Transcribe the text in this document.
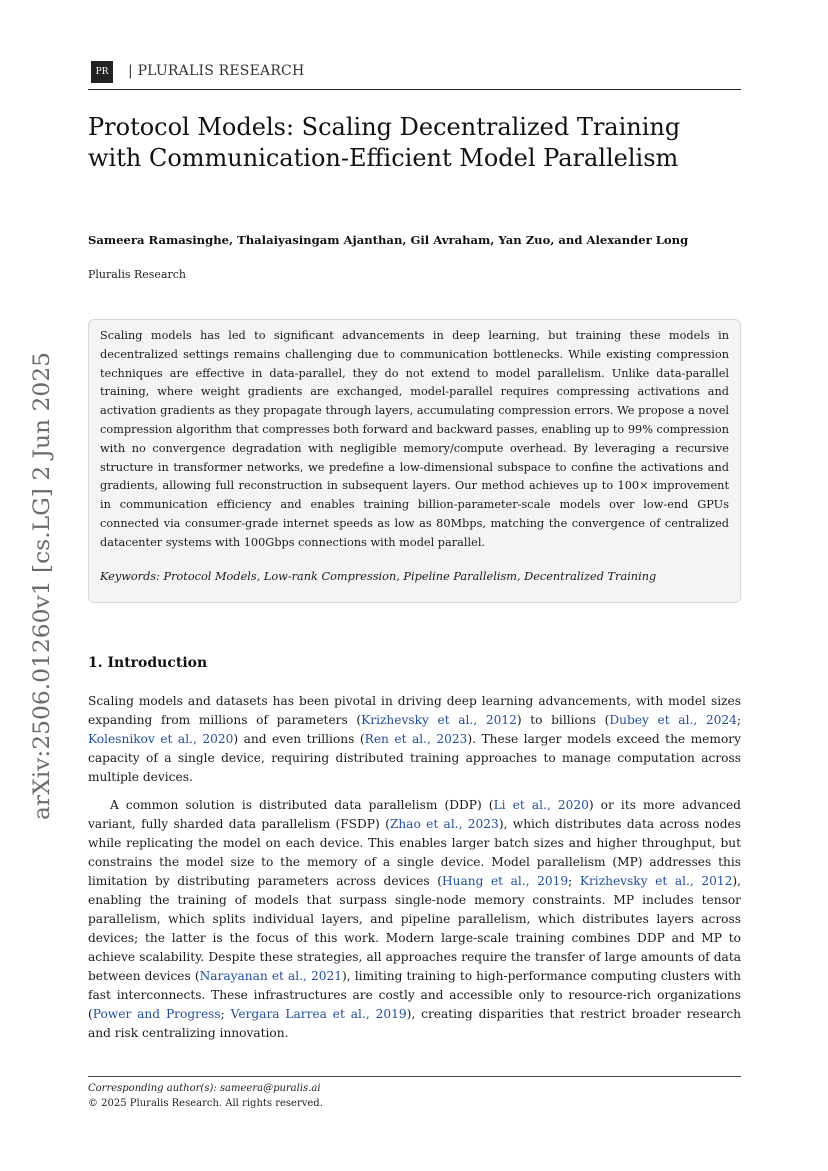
arXiv:2506.01260v1 [cs.LG] 2 Jun 2025
PR	| PLURALIS RESEARCH
Protocol Models: Scaling Decentralized Training with Communication-Efficient Model Parallelism
Sameera Ramasinghe, Thalaiyasingam Ajanthan, Gil Avraham, Yan Zuo, and Alexander Long
Pluralis Research

Scaling models has led to significant advancements in deep learning, but training these models in decentralized settings remains challenging due to communication bottlenecks. While existing compression techniques are effective in data-parallel, they do not extend to model parallelism. Unlike data-parallel training, where weight gradients are exchanged, model-parallel requires compressing activations and activation gradients as they propagate through layers, accumulating compression errors. We propose a novel compression algorithm that compresses both forward and backward passes, enabling up to 99% compression with no convergence degradation with negligible memory/compute overhead. By leveraging a recursive structure in transformer networks, we predefine a low-dimensional subspace to confine the activations and gradients, allowing full reconstruction in subsequent layers. Our method achieves up to 100× improvement in communication efficiency and enables training billion-parameter-scale models over low-end GPUs connected via consumer-grade internet speeds as low as 80Mbps, matching the convergence of centralized datacenter systems with 100Gbps connections with model parallel.

Keywords: Protocol Models, Low-rank Compression, Pipeline Parallelism, Decentralized Training
1. Introduction

Scaling models and datasets has been pivotal in driving deep learning advancements, with model sizes expanding from millions of parameters (Krizhevsky et al., 2012) to billions (Dubey et al., 2024; Kolesnikov et al., 2020) and even trillions (Ren et al., 2023). These larger models exceed the memory capacity of a single device, requiring distributed training approaches to manage computation across multiple devices.

A common solution is distributed data parallelism (DDP) (Li et al., 2020) or its more advanced variant, fully sharded data parallelism (FSDP) (Zhao et al., 2023), which distributes data across nodes while replicating the model on each device. This enables larger batch sizes and higher throughput, but constrains the model size to the memory of a single device. Model parallelism (MP) addresses this limitation by distributing parameters across devices (Huang et al., 2019; Krizhevsky et al., 2012), enabling the training of models that surpass single-node memory constraints. MP includes tensor parallelism, which splits individual layers, and pipeline parallelism, which distributes layers across devices; the latter is the focus of this work. Modern large-scale training combines DDP and MP to achieve scalability. Despite these strategies, all approaches require the transfer of large amounts of data between devices (Narayanan et al., 2021), limiting training to high-performance computing clusters with fast interconnects. These infrastructures are costly and accessible only to resource-rich organizations (Power and Progress; Vergara Larrea et al., 2019), creating disparities that restrict broader research and risk centralizing innovation.

Corresponding author(s): sameera@puralis.ai
© 2025 Pluralis Research. All rights reserved.
